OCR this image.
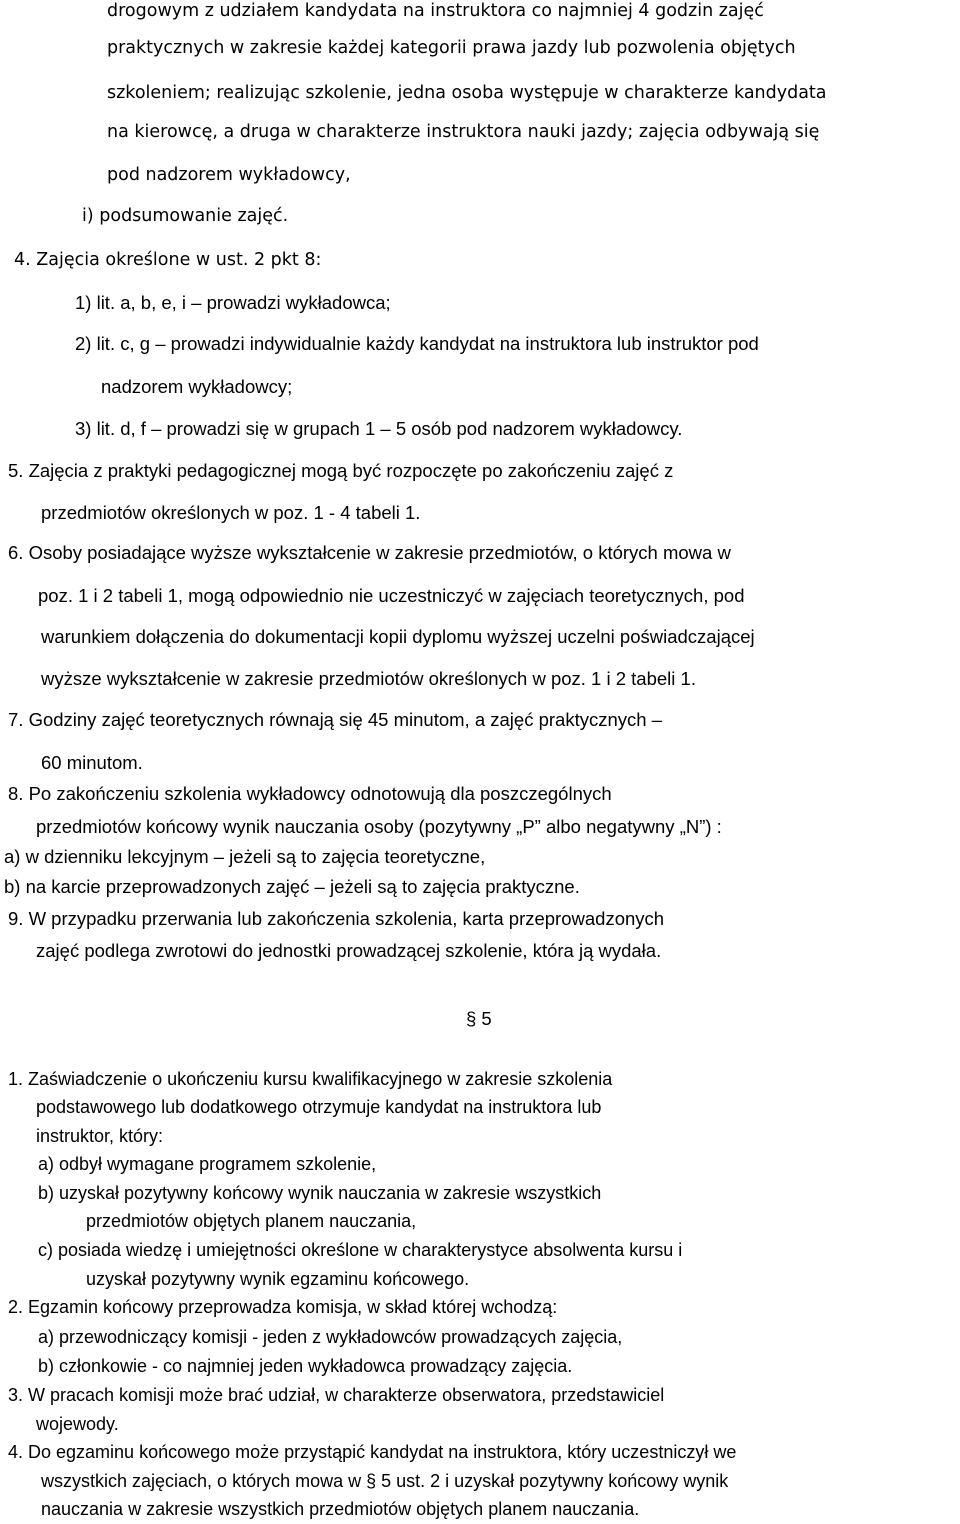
drogowym z udziałem kandydata na instruktora co najmniej 4 godzin zajęć
praktycznych w zakresie każdej kategorii prawa jazdy lub pozwolenia objętych
szkoleniem; realizując szkolenie, jedna osoba występuje w charakterze kandydata
na kierowcę, a druga w charakterze instruktora nauki jazdy; zajęcia odbywają się
pod nadzorem wykładowcy,
i) podsumowanie zajęć.
4. Zajęcia określone w ust. 2 pkt 8:
1) lit. a, b, e, i – prowadzi wykładowca;
2) lit. c, g – prowadzi indywidualnie każdy kandydat na instruktora lub instruktor pod
nadzorem wykładowcy;
3) lit. d, f – prowadzi się w grupach 1 – 5 osób pod nadzorem wykładowcy.
5. Zajęcia z praktyki pedagogicznej mogą być rozpoczęte po zakończeniu zajęć z
przedmiotów określonych w poz. 1 - 4 tabeli 1.
6. Osoby posiadające wyższe wykształcenie w zakresie przedmiotów, o których mowa w
poz. 1 i 2 tabeli 1, mogą odpowiednio nie uczestniczyć w zajęciach teoretycznych, pod
warunkiem dołączenia do dokumentacji kopii dyplomu wyższej uczelni poświadczającej
wyższe wykształcenie w zakresie przedmiotów określonych w poz. 1 i 2 tabeli 1.
7. Godziny zajęć teoretycznych równają się 45 minutom, a zajęć praktycznych –
60 minutom.
8. Po zakończeniu szkolenia wykładowcy odnotowują dla poszczególnych
przedmiotów końcowy wynik nauczania osoby (pozytywny „P” albo negatywny „N”) :
a) w dzienniku lekcyjnym – jeżeli są to zajęcia teoretyczne,
b) na karcie przeprowadzonych zajęć – jeżeli są to zajęcia praktyczne.
9. W przypadku przerwania lub zakończenia szkolenia, karta przeprowadzonych
zajęć podlega zwrotowi do jednostki prowadzącej szkolenie, która ją wydała.
§ 5
1. Zaświadczenie o ukończeniu kursu kwalifikacyjnego w zakresie szkolenia
podstawowego lub dodatkowego otrzymuje kandydat na instruktora lub
instruktor, który:
a) odbył wymagane programem szkolenie,
b) uzyskał pozytywny końcowy wynik nauczania w zakresie wszystkich
przedmiotów objętych planem nauczania,
c) posiada wiedzę i umiejętności określone w charakterystyce absolwenta kursu i
uzyskał pozytywny wynik egzaminu końcowego.
2. Egzamin końcowy przeprowadza komisja, w skład której wchodzą:
a) przewodniczący komisji - jeden z wykładowców prowadzących zajęcia,
b) członkowie - co najmniej jeden wykładowca prowadzący zajęcia.
3. W pracach komisji może brać udział, w charakterze obserwatora, przedstawiciel
wojewody.
4. Do egzaminu końcowego może przystąpić kandydat na instruktora, który uczestniczył we
wszystkich zajęciach, o których mowa w § 5 ust. 2 i uzyskał pozytywny końcowy wynik
nauczania w zakresie wszystkich przedmiotów objętych planem nauczania.
